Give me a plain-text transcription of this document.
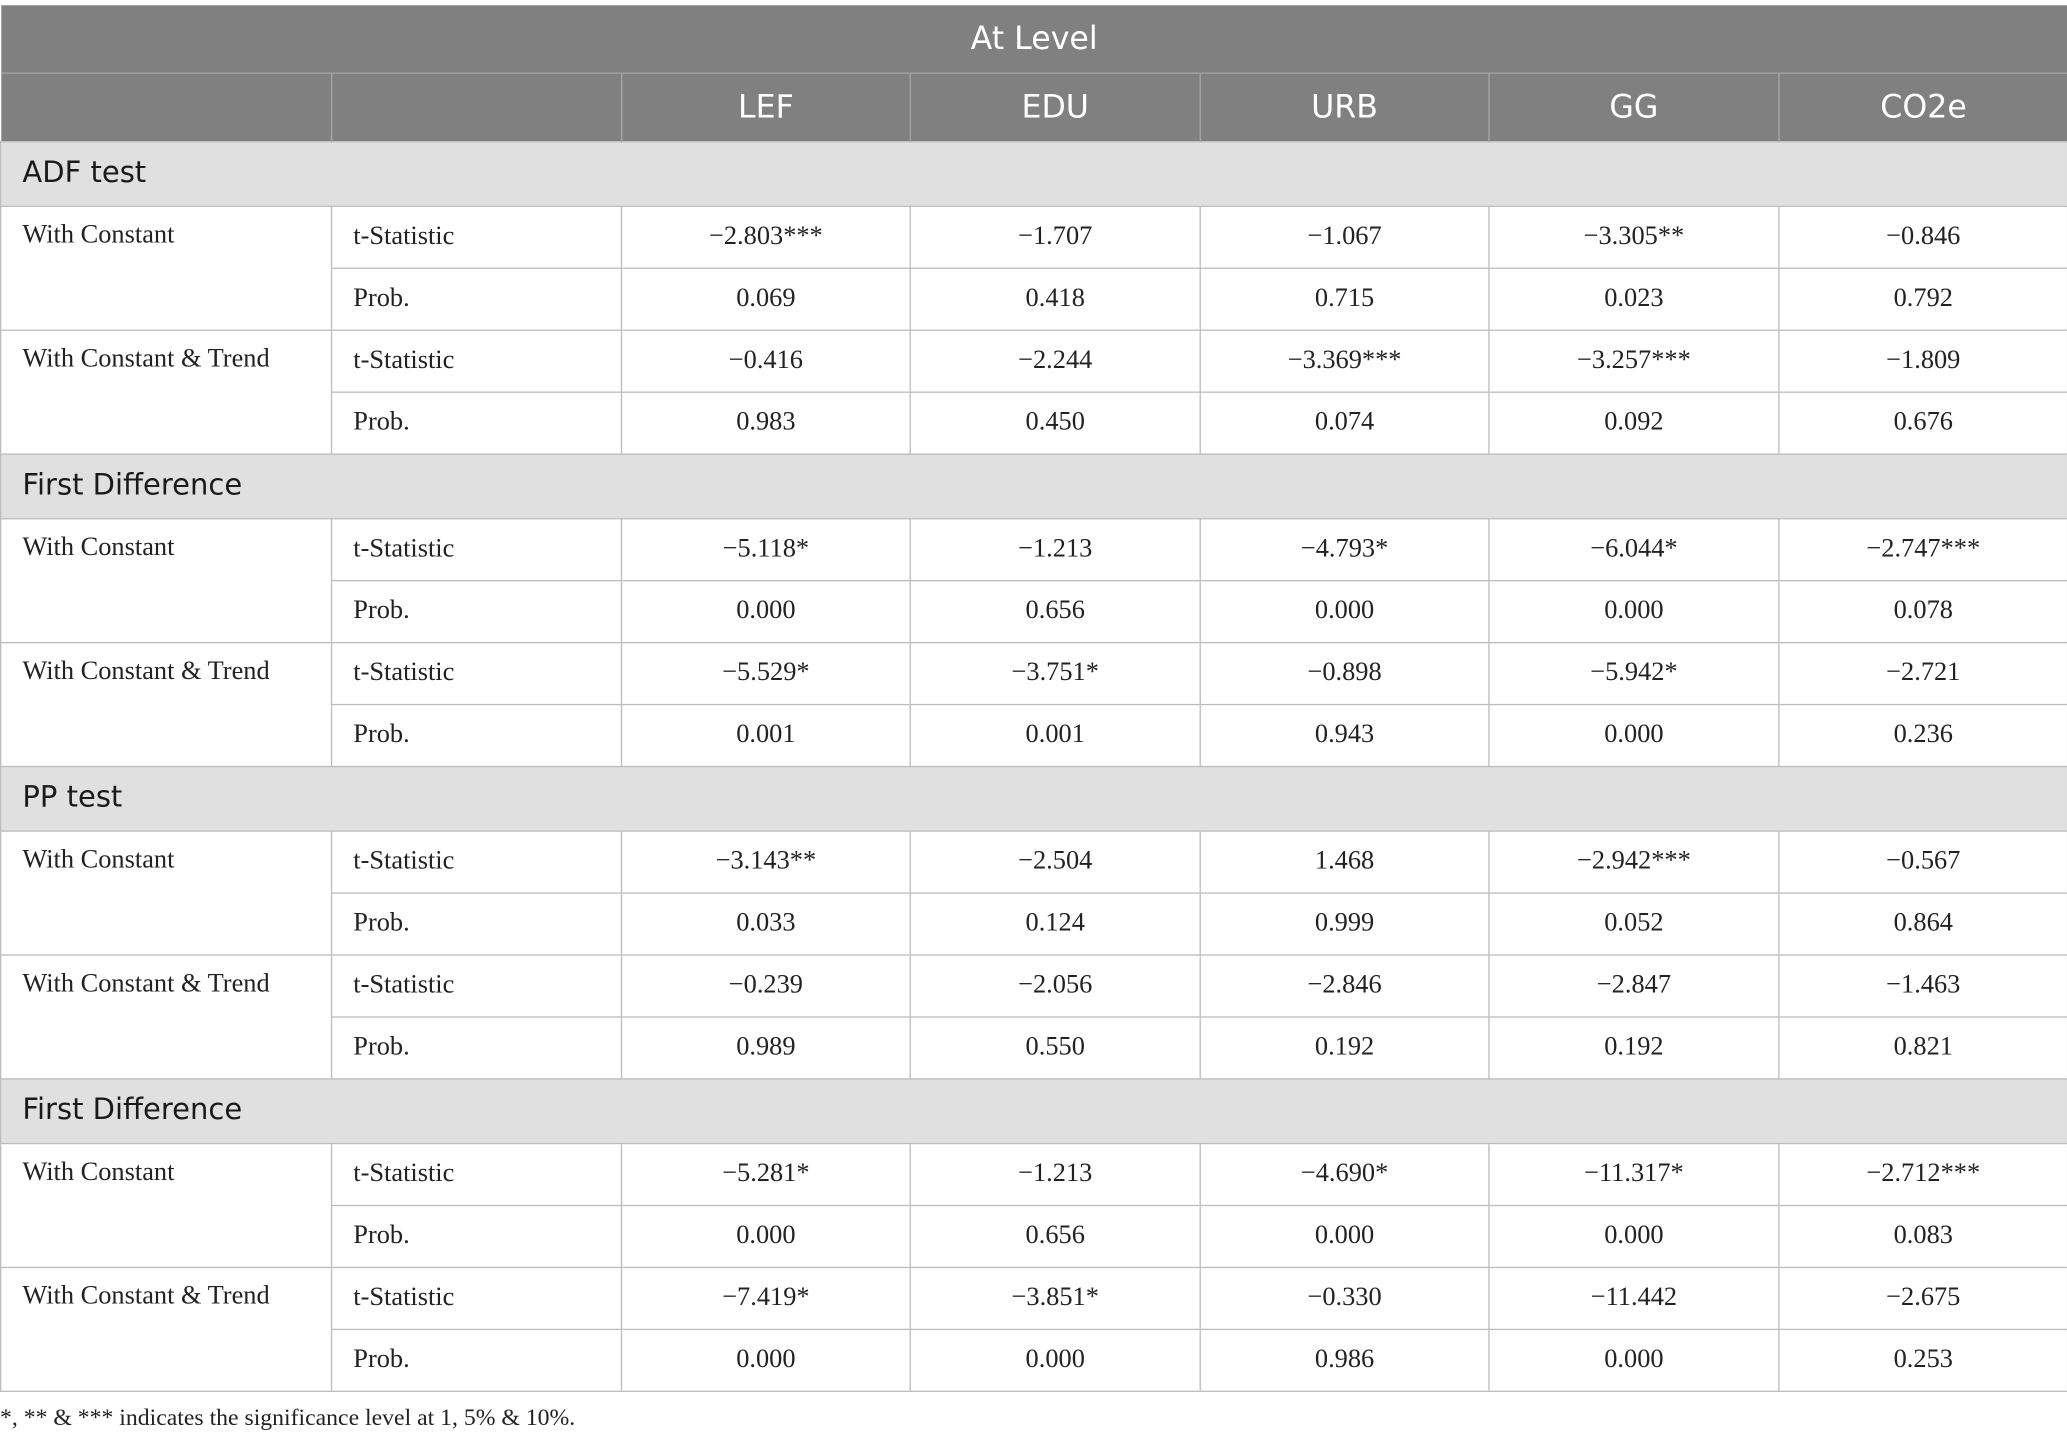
At Level						
		LEF	EDU	URB	GG	CO2e
ADF test						
With Constant	t-Statistic	−2.803***	−1.707	−1.067	−3.305**	−0.846
	Prob.	0.069	0.418	0.715	0.023	0.792
With Constant & Trend	t-Statistic	−0.416	−2.244	−3.369***	−3.257***	−1.809
	Prob.	0.983	0.450	0.074	0.092	0.676
First Difference						
With Constant	t-Statistic	−5.118*	−1.213	−4.793*	−6.044*	−2.747***
	Prob.	0.000	0.656	0.000	0.000	0.078
With Constant & Trend	t-Statistic	−5.529*	−3.751*	−0.898	−5.942*	−2.721
	Prob.	0.001	0.001	0.943	0.000	0.236
PP test						
With Constant	t-Statistic	−3.143**	−2.504	1.468	−2.942***	−0.567
	Prob.	0.033	0.124	0.999	0.052	0.864
With Constant & Trend	t-Statistic	−0.239	−2.056	−2.846	−2.847	−1.463
	Prob.	0.989	0.550	0.192	0.192	0.821
First Difference						
With Constant	t-Statistic	−5.281*	−1.213	−4.690*	−11.317*	−2.712***
	Prob.	0.000	0.656	0.000	0.000	0.083
With Constant & Trend	t-Statistic	−7.419*	−3.851*	−0.330	−11.442	−2.675
	Prob.	0.000	0.000	0.986	0.000	0.253
*, ** & *** indicates the significance level at 1, 5% & 10%.
